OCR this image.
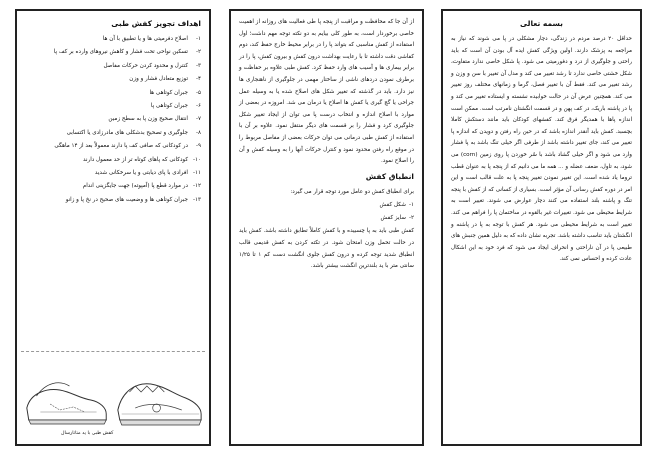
اهداف تجویز کفش طبی
۱-
اصلاح دفرمیتی ها و یا تطبیق با آن ها
۲-
تسکین نواحی تحت فشار و کاهش نیروهای وارده بر کف پا
۳-
کنترل و محدود کردن حرکات مفاصل
۴-
توزیع متعادل فشار و وزن
۵-
جبران کوتاهی ها
۶-
جبران کوتاهی پا
۷-
انتقال صحیح وزن پا به سطح زمین
۸-
جلوگیری و تصحیح بدشکلی های مادرزادی یا اکتسابی
۹-
در کودکانی که صافی کف پا دارند معمولاً بعد از ۱۴ ماهگی
۱۰-
کودکانی که پاهای کوتاه تر از حد معمول دارند
۱۱-
افرادی با پای دیابتی و یا سرخکانی شدید
۱۲-
در موارد قطع پا (آمپوته) جهت جایگزینی اندام
۱۳-
جبران کوتاهی ها و وضعیت های صحیح در نخ پا و زانو
کفش طبی با پد متاتارسال

از آن جا که محافظت و مراقبت از پنجه پا طی فعالیت های روزانه از اهمیت خاصی برخوردار است، به طور کلی بیایم به دو نکته توجه مهم داشت؛ اول استفاده از کفش مناسبی که بتواند پا را در برابر محیط خارج حفظ کند، دوم کفاشی دقت داشته تا با رعایت بهداشت درون کفش و بیرون کفش، پا را در برابر بیماری ها و آسیب های وارد حفظ کرد. کفش طبی علاوه بر حفاظت و برطرف نمودن دردهای ناشی از ساختار مهمی در جلوگیری از ناهنجاری ها نیز دارد. باید در گذشته که تغییر شکل های اصلاح شده یا به وسیله عمل جراحی یا گچ گیری یا کفش ها اصلاح یا درمان می شد. امروزه در بعضی از موارد با اصلاح اندازه و انتخاب درست پا می توان از ایجاد تغییر شکل جلوگیری کرد و فشار را بر قسمت های دیگر منتقل نمود. علاوه بر آن با استفاده از کفش طبی درمانی می توان حرکات بعضی از مفاصل مربوط را در موقع راه رفتن محدود نمود و کنترل حرکات آنها را به وسیله کفش و آن را اصلاح نمود.

انطباق کفش

برای انطباق کفش دو عامل مورد توجه قرار می گیرد:

۱-
شکل کفش
۲-
سایز کفش

کفش طبی باید به پا چسبیده و با کفش کاملاً تطابق داشته باشد. کفش باید در حالت تحمل وزن امتحان شود. در تکته کردن به کفش قدیمی قالب انطباق شدید توجه کرده و درون کفش جلوی انگشت دست کم ۱ تا ۱/۲۵ سانتی متر با ید بلندترین انگشت بیشتر باشد.

بسمه تعالی

حداقل ۲۰ درصد مردم در زندگی، دچار مشکلی در پا می شوند که نیاز به مراجعه به پزشک دارند. اولین ویژگی کفش ایده آل بودن آن است که باید راحتی و جلوگیری از درد و دفورمیتی می شود. پا شکل خاصی ندارد متفاوت، شکل خشتی خاصی ندارد تا رشد تغییر می کند و مدل آن تغییر با سن و وزن و رشد تغییر می کند. فقط آن با تغییر فصل، گرما و زمانهای مختلف روز تغییر می کند. همچنین عرض آن در حالت خوابیده نشسته و ایستاده تغییر می کند و پا در پاشنه باریک، در کف پهن و در قسمت انگشتان نامرتب است. ممکن است اندازه پاها با همدیگر فرق کند. کفشهای کودکان باید مانند دستکش کاملا بچسبد. کفش باید آنقدر اندازه باشد که در حین راه رفتن و دویدن که اندازه پا تغییر می کند، جای تغییر داشته باشد از طرفی اگر خیلی تنگ باشد به پا فشار وارد می شود و اگر خیلی گشاد باشد با سُر خوردن پا روی زمین (corn) می شود، به تاول، ضعف عضله و ... همه ما می دانیم که از پنجه پا به عنوان قطب تروما یاد شده است. این تغییر نمودن تغییر پنجه پا به علت قالب است و این امر در دوره کفش رسانی آن مؤثر است. بسیاری از کسانی که از کفش با پنجه تنگ و پاشنه بلند استفاده می کنند دچار عوارض می شوند. تغییر است به شرایط محیطی می شود. تغییرات غیر بالقوه در ساختمان پا را فراهم می کند. تغییر است به شرایط محیطی می شود. هر کفش با توجه به پا در پاشنه و انگشتان باید تناسب داشته باشد. تجربه نشان داده که به دلیل همین جنبش های طبیعی پا در آن ناراحتی و انحراف ایجاد می شود که فرد خود به این اشکال عادت کرده و احساس نمی کند.
